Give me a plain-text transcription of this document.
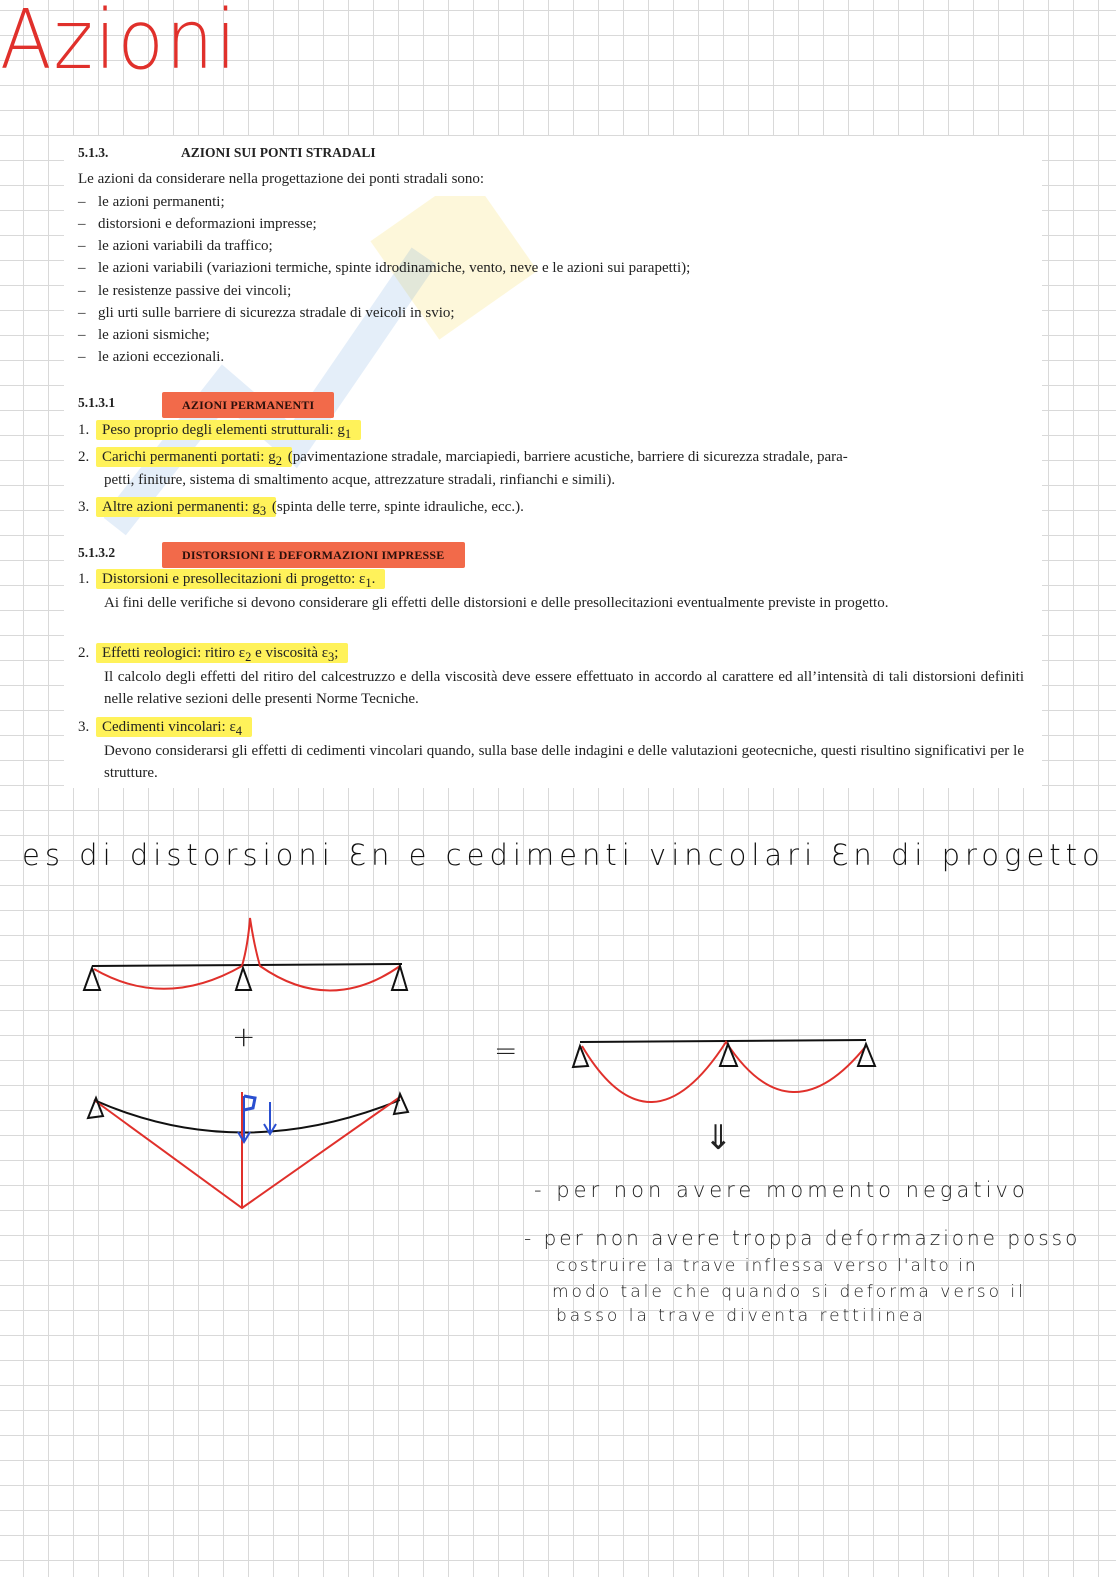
Azioni
5.1.3.	AZIONI SUI PONTI STRADALI
Le azioni da considerare nella progettazione dei ponti stradali sono:
– le azioni permanenti;
– distorsioni e deformazioni impresse;
– le azioni variabili da traffico;
– le azioni variabili (variazioni termiche, spinte idrodinamiche, vento, neve e le azioni sui parapetti);
– le resistenze passive dei vincoli;
– gli urti sulle barriere di sicurezza stradale di veicoli in svio;
– le azioni sismiche;
– le azioni eccezionali.
5.1.3.1	AZIONI PERMANENTI
1. Peso proprio degli elementi strutturali: $g_1$
2. Carichi permanenti portati: $g_2$ (pavimentazione stradale, marciapiedi, barriere acustiche, barriere di sicurezza stradale, para-
petti, finiture, sistema di smaltimento acque, attrezzature stradali, rinfianchi e simili).
3. Altre azioni permanenti: $g_3$ (spinta delle terre, spinte idrauliche, ecc.).
5.1.3.2	DISTORSIONI E DEFORMAZIONI IMPRESSE
1. Distorsioni e presollecitazioni di progetto: $\varepsilon_1$.
Ai fini delle verifiche si devono considerare gli effetti delle distorsioni e delle presollecitazioni eventualmente previste in progetto.
2. Effetti reologici: ritiro $\varepsilon_2$ e viscosità $\varepsilon_3$;
Il calcolo degli effetti del ritiro del calcestruzzo e della viscosità deve essere effettuato in accordo al carattere ed all’intensità di tali distorsioni definiti nelle relative sezioni delle presenti Norme Tecniche.
3. Cedimenti vincolari: $\varepsilon_4$
Devono considerarsi gli effetti di cedimenti vincolari quando, sulla base delle indagini e delle valutazioni geotecniche, questi risultino significativi per le strutture.
es di distorsioni Ɛn e cedimenti vincolari Ɛn di progetto
+	=
⇓
- per non avere momento negativo
- per non avere troppa deformazione posso
costruire la trave inflessa verso l'alto in
modo tale che quando si deforma verso il
basso la trave diventa rettilinea
